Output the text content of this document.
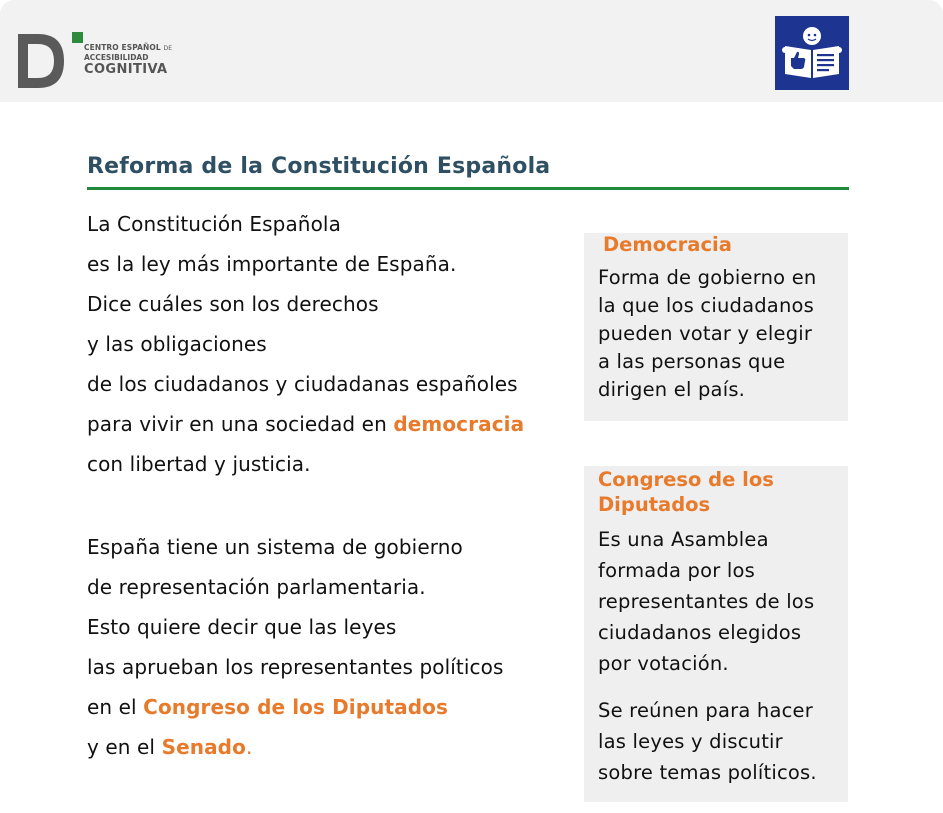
CENTRO ESPAÑOL DE
ACCESIBILIDAD
COGNITIVA
Reforma de la Constitución Española

La Constitución Española

es la ley más importante de España.

Dice cuáles son los derechos

y las obligaciones

de los ciudadanos y ciudadanas españoles

para vivir en una sociedad en democracia

con libertad y justicia.

España tiene un sistema de gobierno

de representación parlamentaria.

Esto quiere decir que las leyes

las aprueban los representantes políticos

en el Congreso de los Diputados

y en el Senado.

Democracia

Forma de gobierno en

la que los ciudadanos

pueden votar y elegir

a las personas que

dirigen el país.

Congreso de los

Diputados

Es una Asamblea

formada por los

representantes de los

ciudadanos elegidos

por votación.

Se reúnen para hacer

las leyes y discutir

sobre temas políticos.
